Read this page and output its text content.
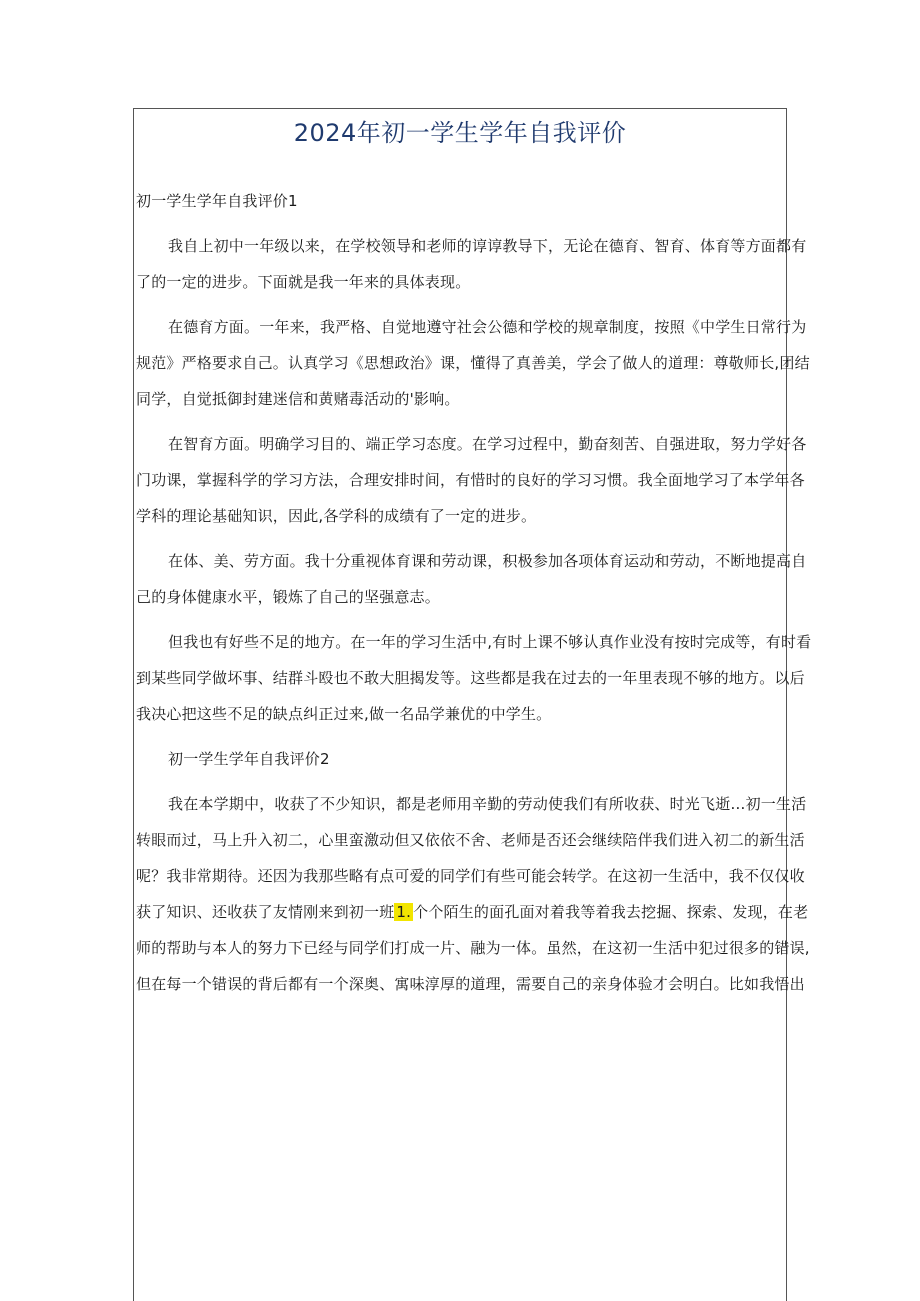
2024年初一学生学年自我评价
初一学生学年自我评价1
我自上初中一年级以来，在学校领导和老师的谆谆教导下，无论在德育、智育、体育等方面都有
了的一定的进步。下面就是我一年来的具体表现。
在德育方面。一年来，我严格、自觉地遵守社会公德和学校的规章制度，按照《中学生日常行为
规范》严格要求自己。认真学习《思想政治》课，懂得了真善美，学会了做人的道理：尊敬师长,团结
同学，自觉抵御封建迷信和黄赌毒活动的'影响。
在智育方面。明确学习目的、端正学习态度。在学习过程中，勤奋刻苦、自强进取，努力学好各
门功课，掌握科学的学习方法，合理安排时间，有惜时的良好的学习习惯。我全面地学习了本学年各
学科的理论基础知识，因此,各学科的成绩有了一定的进步。
在体、美、劳方面。我十分重视体育课和劳动课，积极参加各项体育运动和劳动，不断地提高自
己的身体健康水平，锻炼了自己的坚强意志。
但我也有好些不足的地方。在一年的学习生活中,有时上课不够认真作业没有按时完成等，有时看
到某些同学做坏事、结群斗殴也不敢大胆揭发等。这些都是我在过去的一年里表现不够的地方。以后
我决心把这些不足的缺点纠正过来,做一名品学兼优的中学生。
初一学生学年自我评价2
我在本学期中，收获了不少知识，都是老师用辛勤的劳动使我们有所收获、时光飞逝…初一生活
转眼而过，马上升入初二，心里蛮激动但又依依不舍、老师是否还会继续陪伴我们进入初二的新生活
呢？我非常期待。还因为我那些略有点可爱的同学们有些可能会转学。在这初一生活中，我不仅仅收
获了知识、还收获了友情刚来到初一班 1. 个个陌生的面孔面对着我等着我去挖掘、探索、发现，在老
师的帮助与本人的努力下已经与同学们打成一片、融为一体。虽然，在这初一生活中犯过很多的错误,
但在每一个错误的背后都有一个深奥、寓味淳厚的道理，需要自己的亲身体验才会明白。比如我悟出
